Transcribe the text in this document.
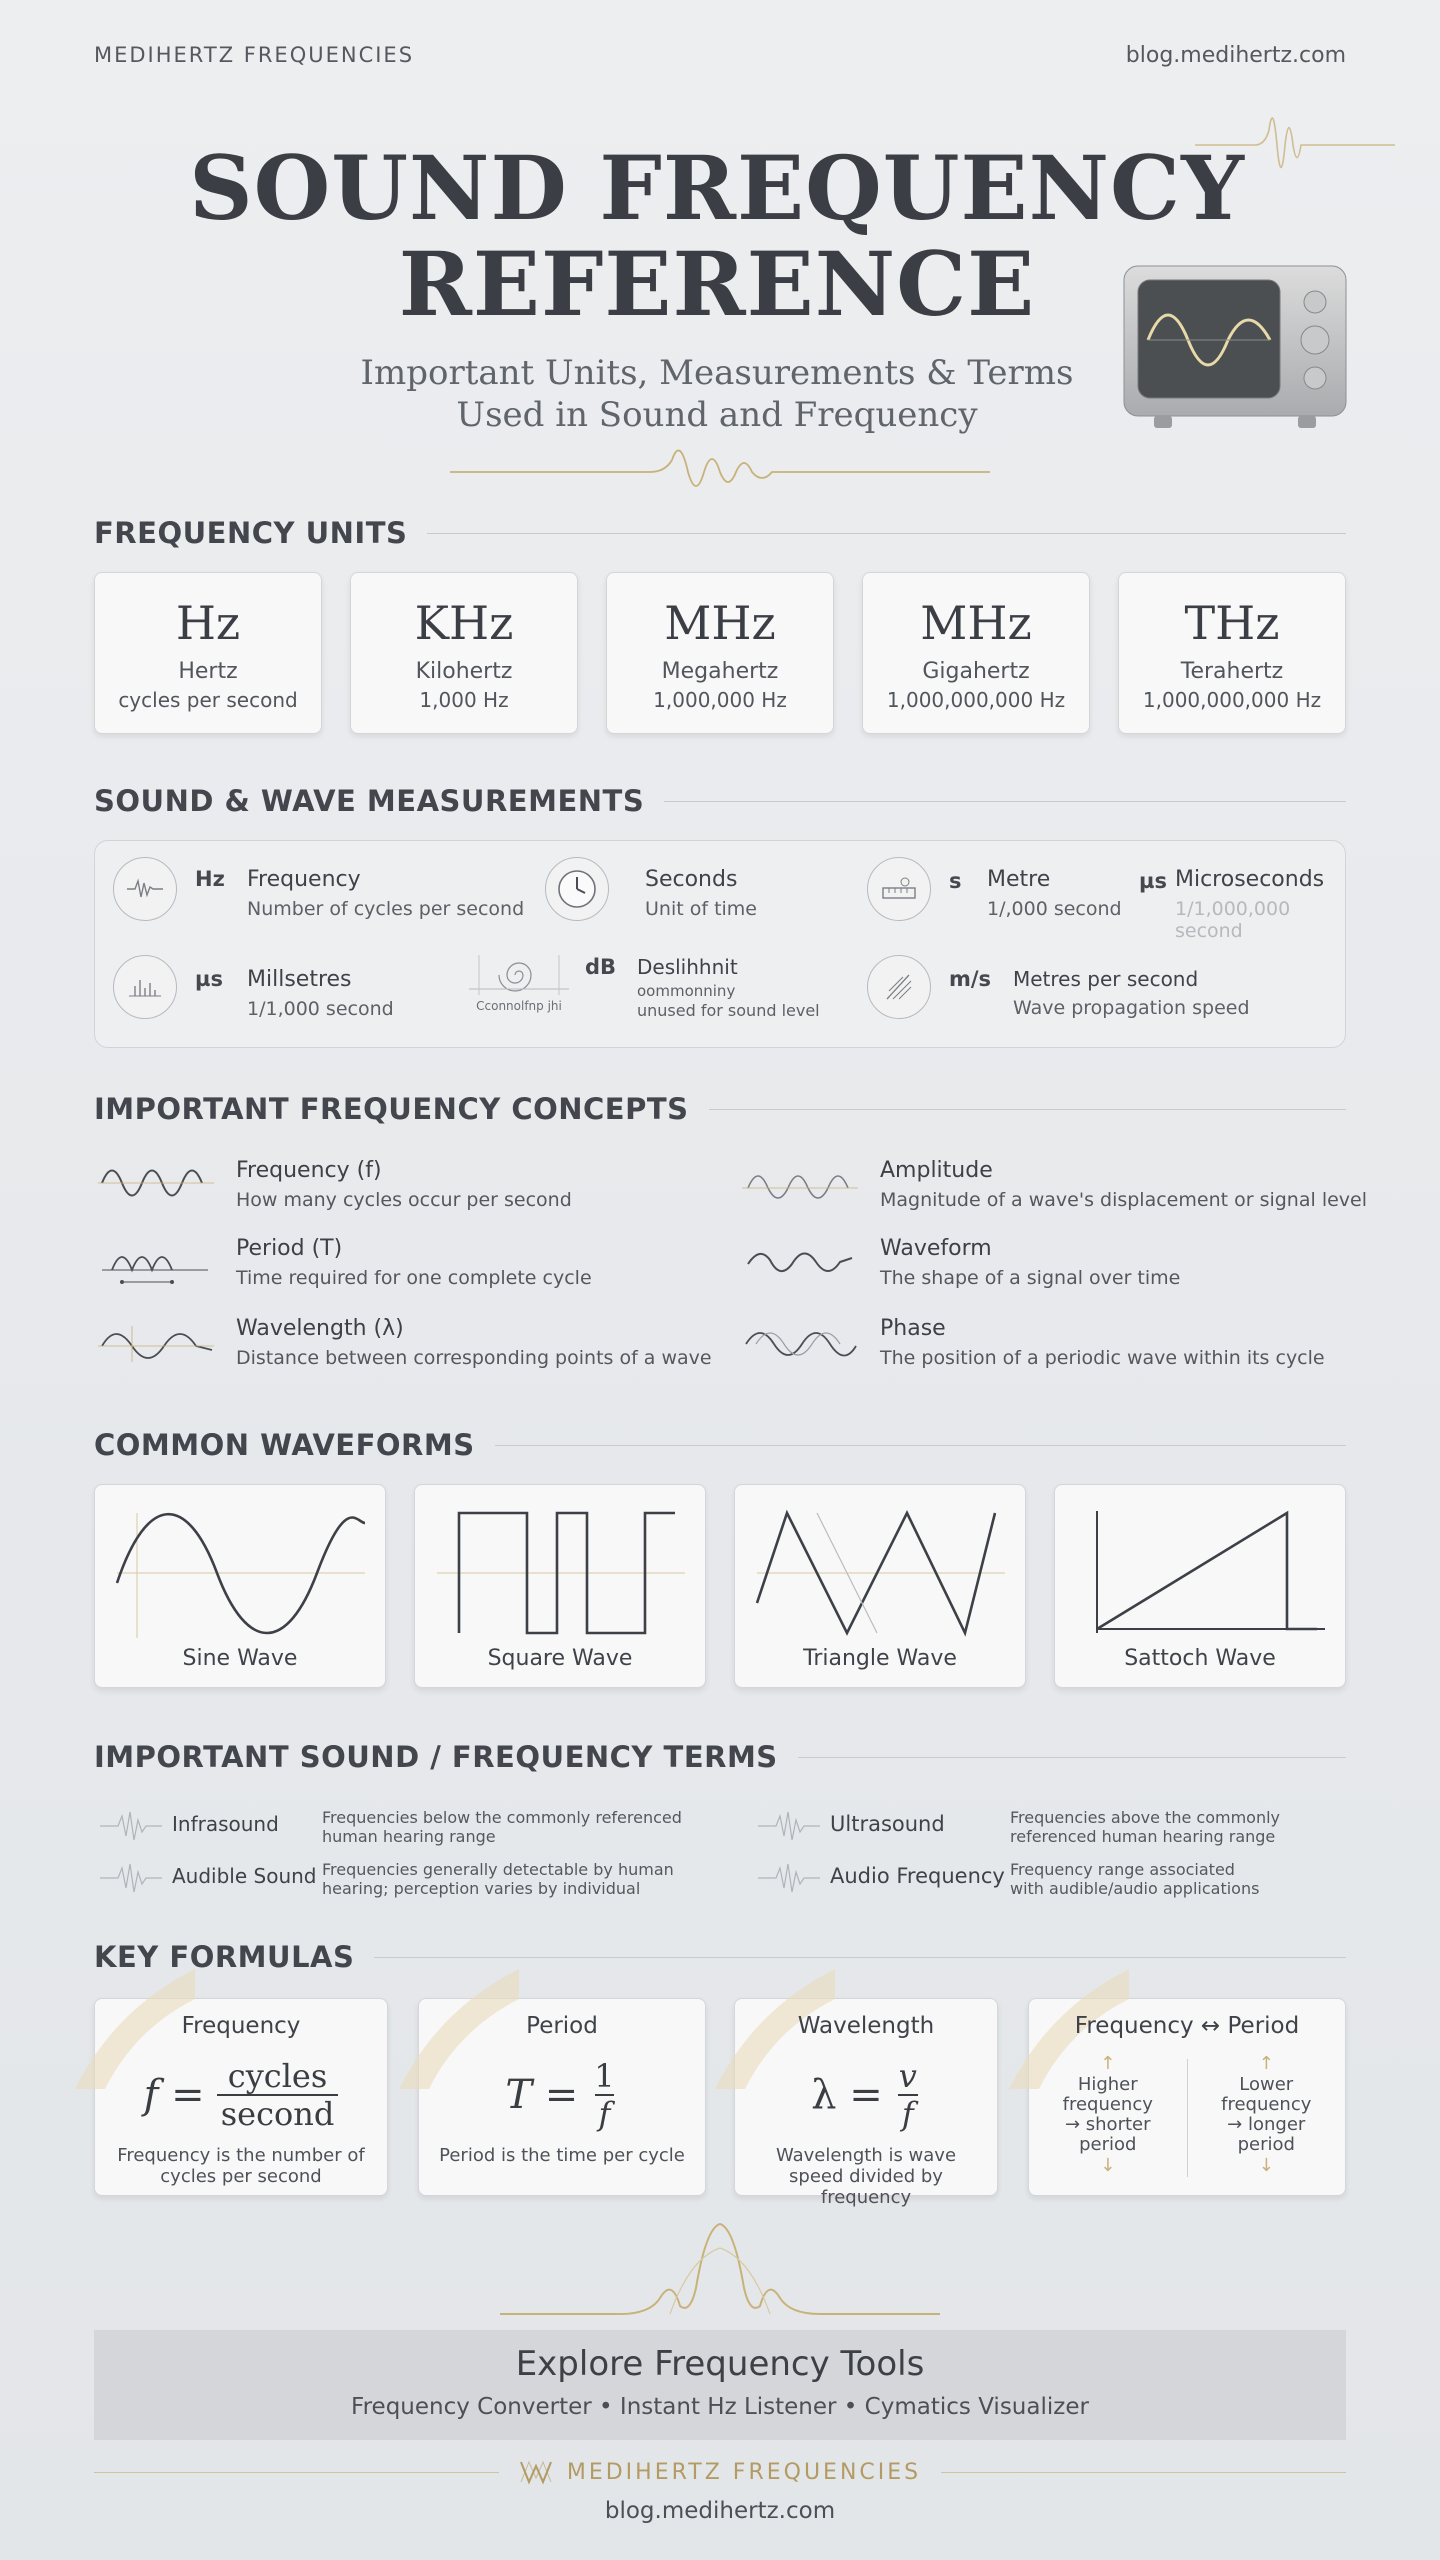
MEDIHERTZ FREQUENCIES	blog.medihertz.com
SOUND FREQUENCY
REFERENCE
Important Units, Measurements & Terms
Used in Sound and Frequency
FREQUENCY UNITS
Hz
Hertz
cycles per second
KHz
Kilohertz
1,000 Hz
MHz
Megahertz
1,000,000 Hz
MHz
Gigahertz
1,000,000,000 Hz
THz
Terahertz
1,000,000,000 Hz
SOUND & WAVE MEASUREMENTS
Hz	Frequency
Number of cycles per second
Seconds
Unit of time
s	Metre
1/,000 second
µs Microseconds
1/1,000,000 second
µs	Millsetres
1/1,000 second	Cconnolfnp jhi
dB	Deslihhnit
oommonniny
unused for sound level
m/s	Metres per second
Wave propagation speed
IMPORTANT FREQUENCY CONCEPTS
Frequency (f)
How many cycles occur per second
Amplitude
Magnitude of a wave's displacement or signal level
Period (T)
Time required for one complete cycle
Waveform
The shape of a signal over time
Wavelength (λ)
Distance between corresponding points of a wave
Phase
The position of a periodic wave within its cycle
COMMON WAVEFORMS
Sine Wave	Square Wave	Triangle Wave	Sattoch Wave
IMPORTANT SOUND / FREQUENCY TERMS
Infrasound	Frequencies below the commonly referenced human hearing range
Ultrasound	Frequencies above the commonly referenced human hearing range
Audible Sound Frequencies generally detectable by human hearing; perception varies by individual
Audio Frequency Frequency range associated with audible/audio applications
KEY FORMULAS
Frequency
$f = \frac{\text{cycles}}{\text{second}}$
Frequency is the number of cycles per second
Period
$T = \frac{1}{f}$
Period is the time per cycle
Wavelength
$\lambda = \frac{v}{f}$
Wavelength is wave speed divided by frequency
Frequency ↔ Period
↑
Higher frequency → shorter period
↓
↑
Lower frequency → longer period
↓
Explore Frequency Tools
Frequency Converter • Instant Hz Listener • Cymatics Visualizer
MEDIHERTZ FREQUENCIES
blog.medihertz.com
